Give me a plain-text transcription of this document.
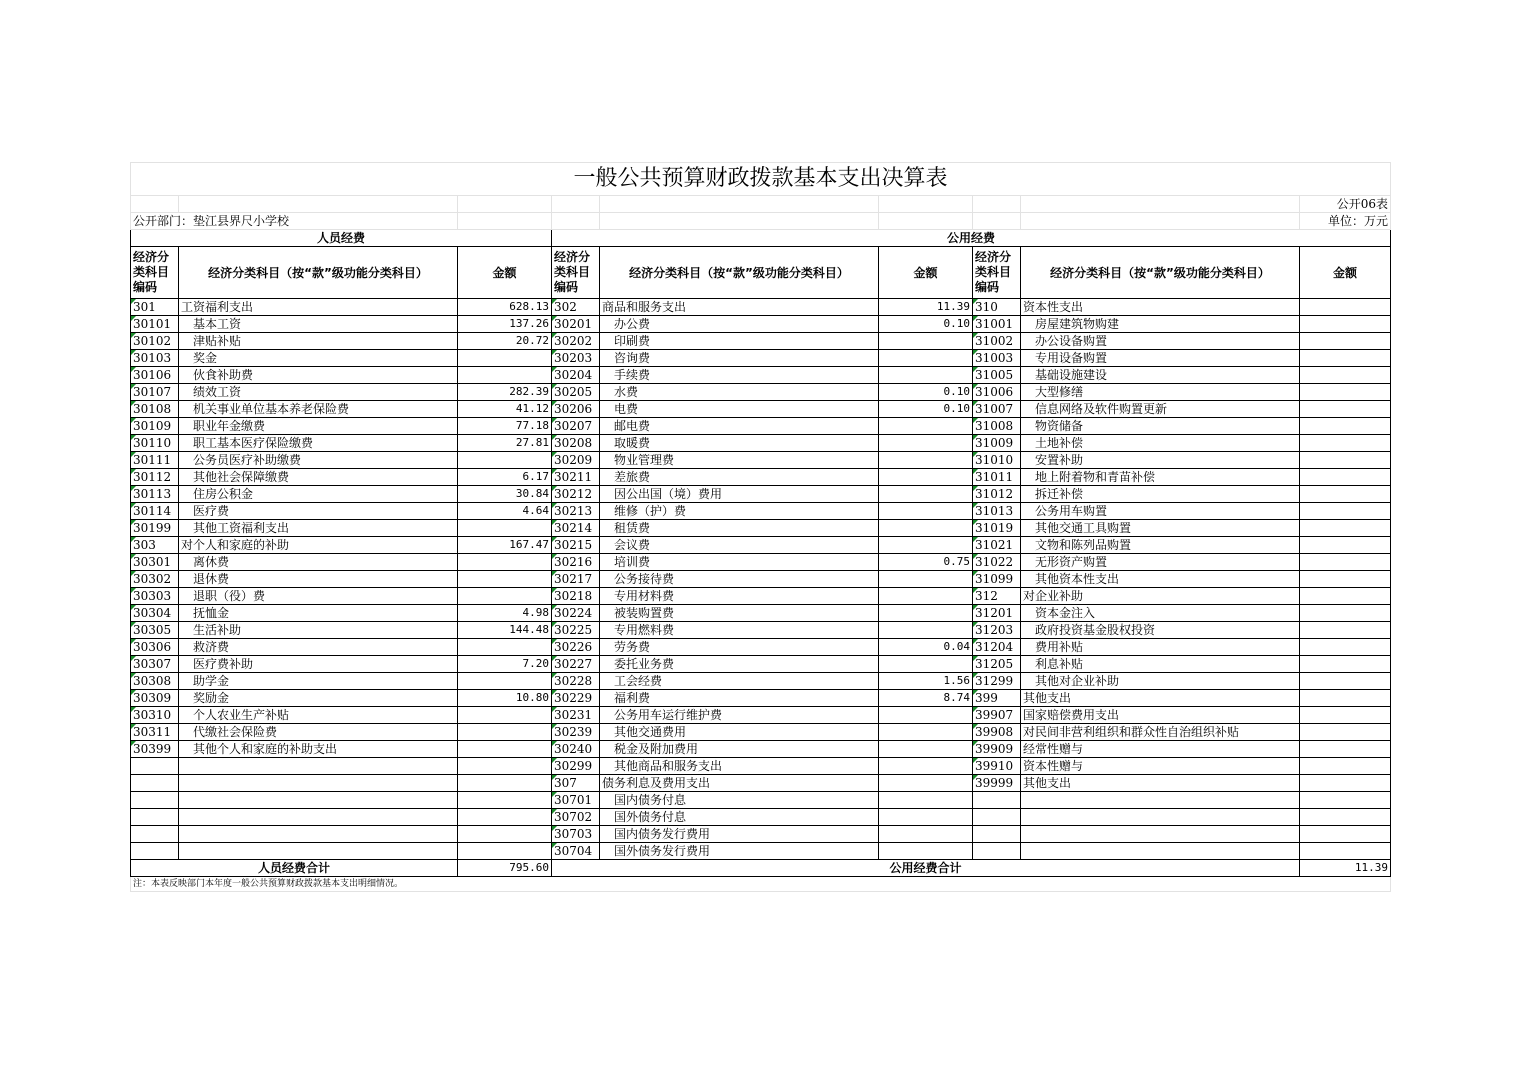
一般公共预算财政拨款基本支出决算表								
								公开06表
公开部门：垫江县界尺小学校								单位：万元
人员经费			公用经费					
经济分类科目编码	经济分类科目（按“款”级功能分类科目）	金额	经济分类科目编码	经济分类科目（按“款”级功能分类科目）	金额	经济分类科目编码	经济分类科目（按“款”级功能分类科目）	金额
301	工资福利支出	628.13	302	商品和服务支出	11.39	310	资本性支出	
30101	基本工资	137.26	30201	办公费	0.10	31001	房屋建筑物购建	
30102	津贴补贴	20.72	30202	印刷费		31002	办公设备购置	
30103	奖金		30203	咨询费		31003	专用设备购置	
30106	伙食补助费		30204	手续费		31005	基础设施建设	
30107	绩效工资	282.39	30205	水费	0.10	31006	大型修缮	
30108	机关事业单位基本养老保险费	41.12	30206	电费	0.10	31007	信息网络及软件购置更新	
30109	职业年金缴费	77.18	30207	邮电费		31008	物资储备	
30110	职工基本医疗保险缴费	27.81	30208	取暖费		31009	土地补偿	
30111	公务员医疗补助缴费		30209	物业管理费		31010	安置补助	
30112	其他社会保障缴费	6.17	30211	差旅费		31011	地上附着物和青苗补偿	
30113	住房公积金	30.84	30212	因公出国（境）费用		31012	拆迁补偿	
30114	医疗费	4.64	30213	维修（护）费		31013	公务用车购置	
30199	其他工资福利支出		30214	租赁费		31019	其他交通工具购置	
303	对个人和家庭的补助	167.47	30215	会议费		31021	文物和陈列品购置	
30301	离休费		30216	培训费	0.75	31022	无形资产购置	
30302	退休费		30217	公务接待费		31099	其他资本性支出	
30303	退职（役）费		30218	专用材料费		312	对企业补助	
30304	抚恤金	4.98	30224	被装购置费		31201	资本金注入	
30305	生活补助	144.48	30225	专用燃料费		31203	政府投资基金股权投资	
30306	救济费		30226	劳务费	0.04	31204	费用补贴	
30307	医疗费补助	7.20	30227	委托业务费		31205	利息补贴	
30308	助学金		30228	工会经费	1.56	31299	其他对企业补助	
30309	奖励金	10.80	30229	福利费	8.74	399	其他支出	
30310	个人农业生产补贴		30231	公务用车运行维护费		39907	国家赔偿费用支出	
30311	代缴社会保险费		30239	其他交通费用		39908	对民间非营利组织和群众性自治组织补贴	
30399	其他个人和家庭的补助支出		30240	税金及附加费用		39909	经常性赠与	
			30299	其他商品和服务支出		39910	资本性赠与	
			307	债务利息及费用支出		39999	其他支出	
			30701	国内债务付息				
			30702	国外债务付息				
			30703	国内债务发行费用				
			30704	国外债务发行费用				
人员经费合计		795.60	公用经费合计					11.39
注：本表反映部门本年度一般公共预算财政拨款基本支出明细情况。								
